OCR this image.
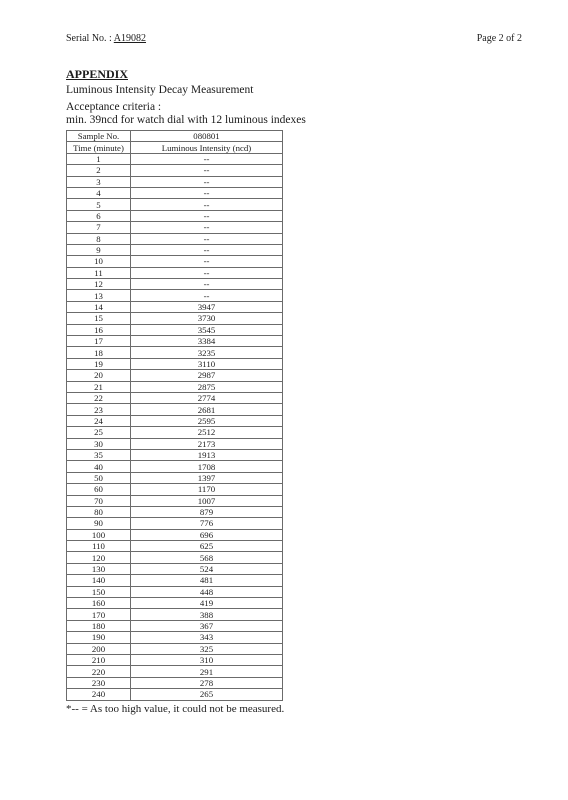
Serial No. : A19082	Page 2 of 2
APPENDIX
Luminous Intensity Decay Measurement
Acceptance criteria :
min. 39ncd for watch dial with 12 luminous indexes
Sample No.	080801
Time (minute)	Luminous Intensity (ncd)
1	--
2	--
3	--
4	--
5	--
6	--
7	--
8	--
9	--
10	--
11	--
12	--
13	--
14	3947
15	3730
16	3545
17	3384
18	3235
19	3110
20	2987
21	2875
22	2774
23	2681
24	2595
25	2512
30	2173
35	1913
40	1708
50	1397
60	1170
70	1007
80	879
90	776
100	696
110	625
120	568
130	524
140	481
150	448
160	419
170	388
180	367
190	343
200	325
210	310
220	291
230	278
240	265
*-- = As too high value, it could not be measured.
